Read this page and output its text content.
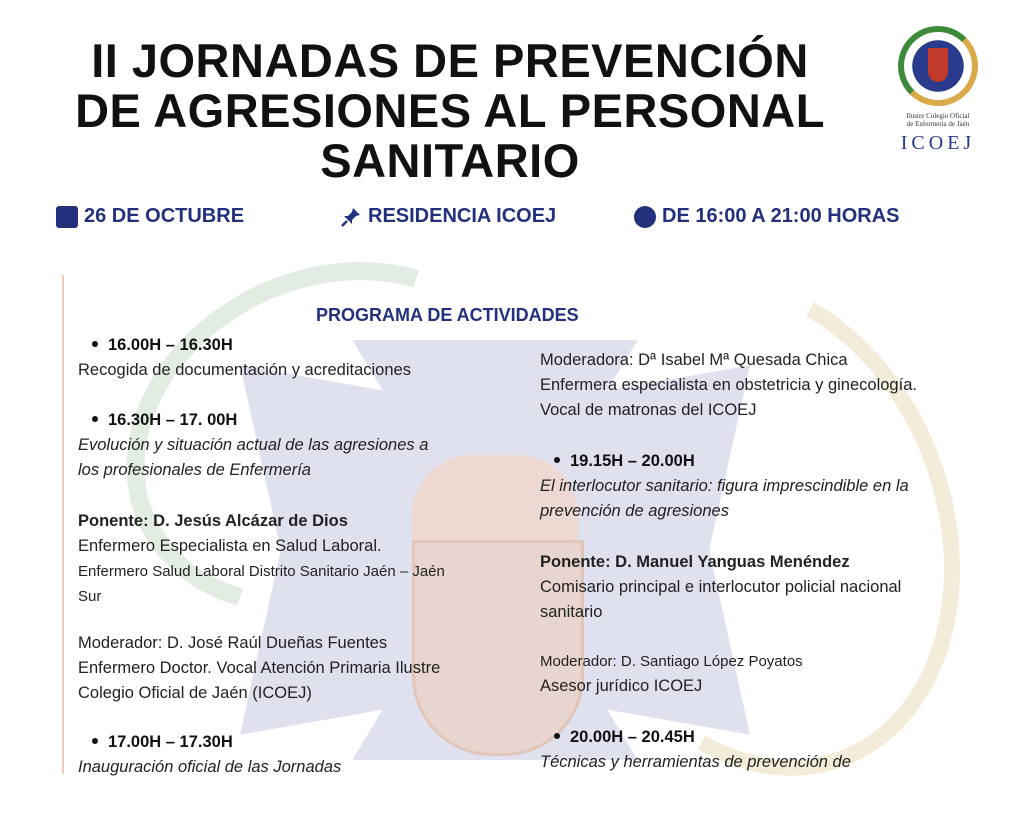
II JORNADAS DE PREVENCIÓN
DE AGRESIONES AL PERSONAL
SANITARIO
Ilustre Colegio Oficial
de Enfermería de Jaén
ICOEJ
26 DE OCTUBRE	RESIDENCIA ICOEJ	DE 16:00 A 21:00 HORAS
PROGRAMA DE ACTIVIDADES
16.00H – 16.30H
Recogida de documentación y acreditaciones
16.30H – 17. 00H
Evolución y situación actual de las agresiones a
los profesionales de Enfermería
Ponente: D. Jesús Alcázar de Dios
Enfermero Especialista en Salud Laboral.
Enfermero Salud Laboral Distrito Sanitario Jaén – Jaén
Sur
Moderador: D. José Raúl Dueñas Fuentes
Enfermero Doctor. Vocal Atención Primaria Ilustre
Colegio Oficial de Jaén (ICOEJ)
17.00H – 17.30H
Inauguración oficial de las Jornadas
Moderadora: Dª Isabel Mª Quesada Chica
Enfermera especialista en obstetricia y ginecología.
Vocal de matronas del ICOEJ
19.15H – 20.00H
El interlocutor sanitario: figura imprescindible en la
prevención de agresiones
Ponente: D. Manuel Yanguas Menéndez
Comisario principal e interlocutor policial nacional
sanitario
Moderador: D. Santiago López Poyatos
Asesor jurídico ICOEJ
20.00H – 20.45H
Técnicas y herramientas de prevención de
